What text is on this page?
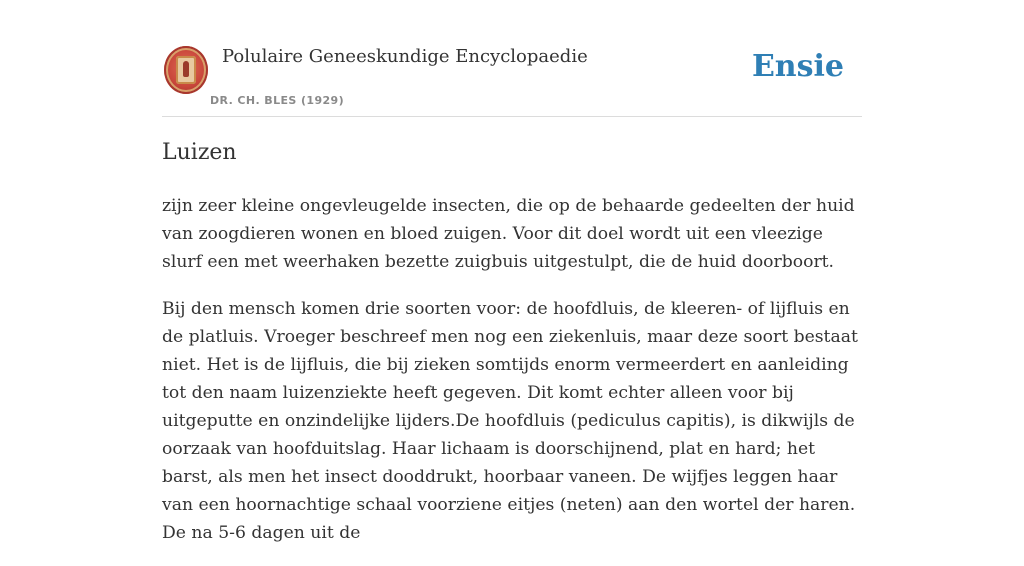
Polulaire Geneeskundige Encyclopaedie
DR. CH. BLES (1929)
Ensie
Luizen

zijn zeer kleine ongevleugelde insecten, die op de behaarde gedeelten der huid van zoogdieren wonen en bloed zuigen. Voor dit doel wordt uit een vleezige slurf een met weerhaken bezette zuigbuis uitgestulpt, die de huid doorboort.

Bij den mensch komen drie soorten voor: de hoofdluis, de kleeren- of lijfluis en de platluis. Vroeger beschreef men nog een ziekenluis, maar deze soort bestaat niet. Het is de lijfluis, die bij zieken somtijds enorm vermeerdert en aanleiding tot den naam luizenziekte heeft gegeven. Dit komt echter alleen voor bij uitgeputte en onzindelijke lijders.De hoofdluis (pediculus capitis), is dikwijls de oorzaak van hoofduitslag. Haar lichaam is doorschijnend, plat en hard; het barst, als men het insect dooddrukt, hoorbaar vaneen. De wijfjes leggen haar van een hoornachtige schaal voorziene eitjes (neten) aan den wortel der haren. De na 5-6 dagen uit de
